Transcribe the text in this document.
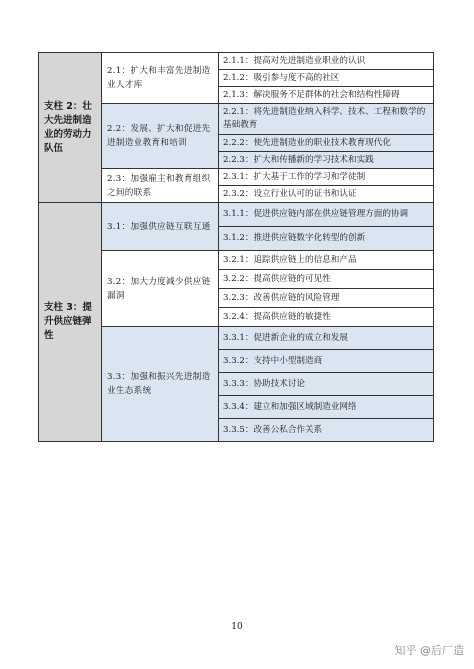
支柱 2：壮大先进制造业的劳动力队伍	2.1：扩大和丰富先进制造业人才库	2.1.1：提高对先进制造业职业的认识
		2.1.2：吸引参与度不高的社区
		2.1.3：解决服务不足群体的社会和结构性障碍
	2.2：发展、扩大和促进先进制造业教育和培训	2.2.1：将先进制造业纳入科学、技术、工程和数学的基础教育
		2.2.2：使先进制造业的职业技术教育现代化
		2.2.3：扩大和传播新的学习技术和实践
	2.3：加强雇主和教育组织之间的联系	2.3.1：扩大基于工作的学习和学徒制
		2.3.2：设立行业认可的证书和认证
支柱 3：提升供应链弹性	3.1：加强供应链互联互通	3.1.1：促进供应链内部在供应链管理方面的协调
		3.1.2：推进供应链数字化转型的创新
	3.2：加大力度减少供应链漏洞	3.2.1：追踪供应链上的信息和产品
		3.2.2：提高供应链的可见性
		3.2.3：改善供应链的风险管理
		3.2.4：提高供应链的敏捷性
	3.3：加强和振兴先进制造业生态系统	3.3.1：促进新企业的成立和发展
		3.3.2：支持中小型制造商
		3.3.3：协助技术讨论
		3.3.4：建立和加强区域制造业网络
		3.3.5：改善公私合作关系
10
知乎 @后厂造
